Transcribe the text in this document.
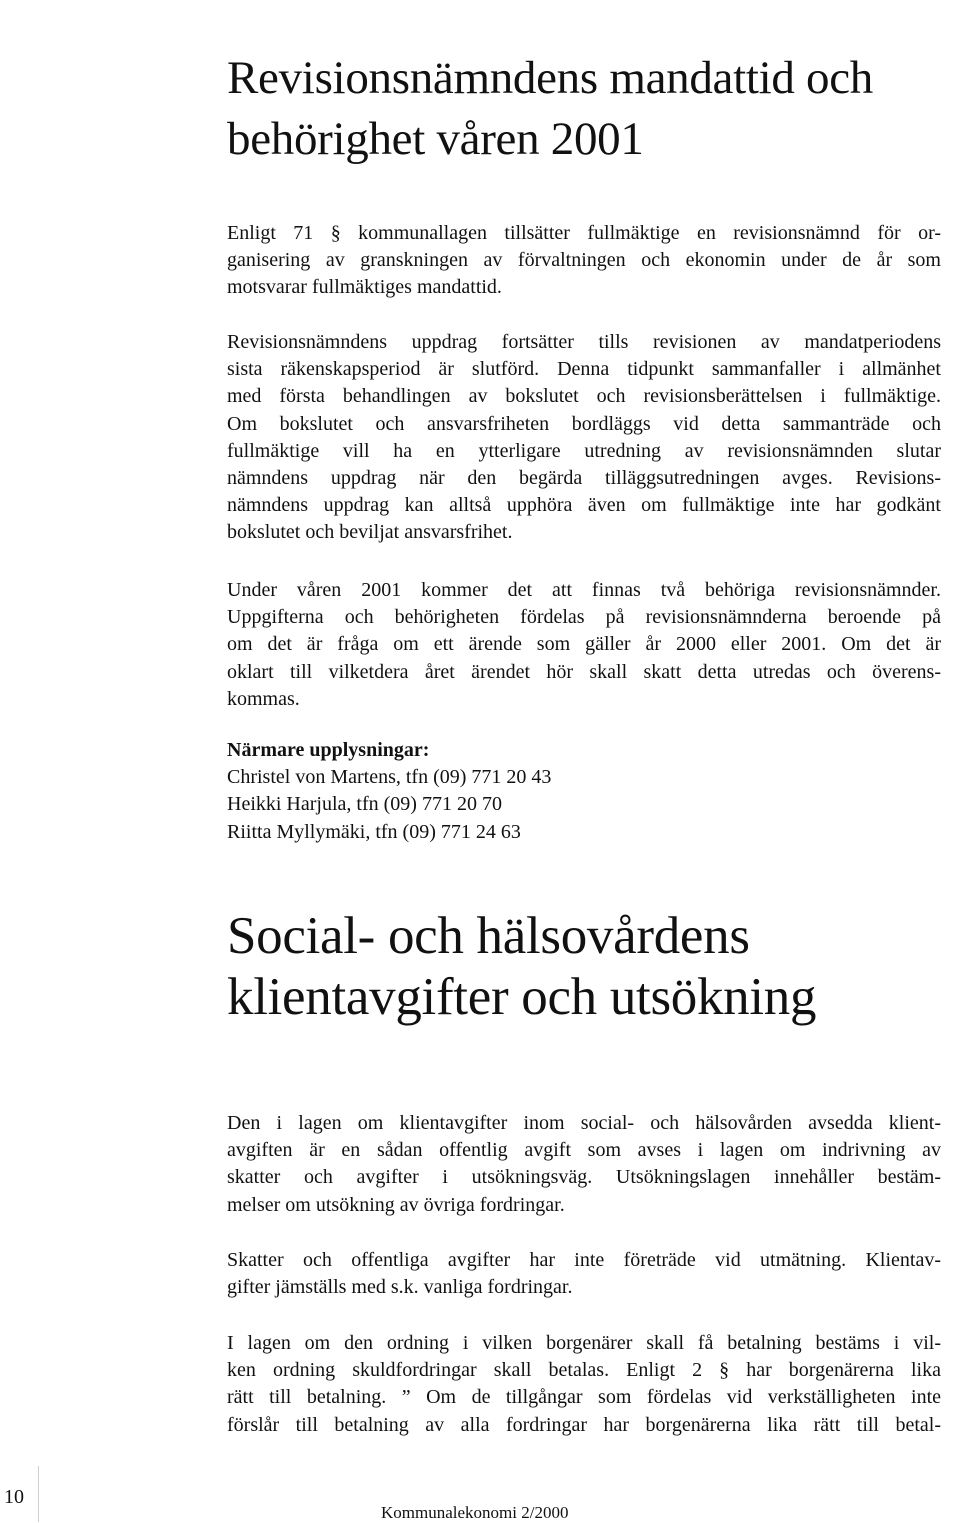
Revisionsnämndens mandattid och
behörighet våren 2001
Enligt 71 § kommunallagen tillsätter fullmäktige en revisionsnämnd för or-
ganisering av granskningen av förvaltningen och ekonomin under de år som
motsvarar fullmäktiges mandattid.
Revisionsnämndens uppdrag fortsätter tills revisionen av mandatperiodens
sista räkenskapsperiod är slutförd. Denna tidpunkt sammanfaller i allmänhet
med första behandlingen av bokslutet och revisionsberättelsen i fullmäktige.
Om bokslutet och ansvarsfriheten bordläggs vid detta sammanträde och
fullmäktige vill ha en ytterligare utredning av revisionsnämnden slutar
nämndens uppdrag när den begärda tilläggsutredningen avges. Revisions-
nämndens uppdrag kan alltså upphöra även om fullmäktige inte har godkänt
bokslutet och beviljat ansvarsfrihet.
Under våren 2001 kommer det att finnas två behöriga revisionsnämnder.
Uppgifterna och behörigheten fördelas på revisionsnämnderna beroende på
om det är fråga om ett ärende som gäller år 2000 eller 2001. Om det är
oklart till vilketdera året ärendet hör skall skatt detta utredas och överens-
kommas.
Närmare upplysningar:
Christel von Martens, tfn (09) 771 20 43
Heikki Harjula, tfn (09) 771 20 70
Riitta Myllymäki, tfn (09) 771 24 63
Social- och hälsovårdens
klientavgifter och utsökning
Den i lagen om klientavgifter inom social- och hälsovården avsedda klient-
avgiften är en sådan offentlig avgift som avses i lagen om indrivning av
skatter och avgifter i utsökningsväg. Utsökningslagen innehåller bestäm-
melser om utsökning av övriga fordringar.
Skatter och offentliga avgifter har inte företräde vid utmätning. Klientav-
gifter jämställs med s.k. vanliga fordringar.
I lagen om den ordning i vilken borgenärer skall få betalning bestäms i vil-
ken ordning skuldfordringar skall betalas. Enligt 2 § har borgenärerna lika
rätt till betalning. ” Om de tillgångar som fördelas vid verkställigheten inte
förslår till betalning av alla fordringar har borgenärerna lika rätt till betal-
10
Kommunalekonomi 2/2000
